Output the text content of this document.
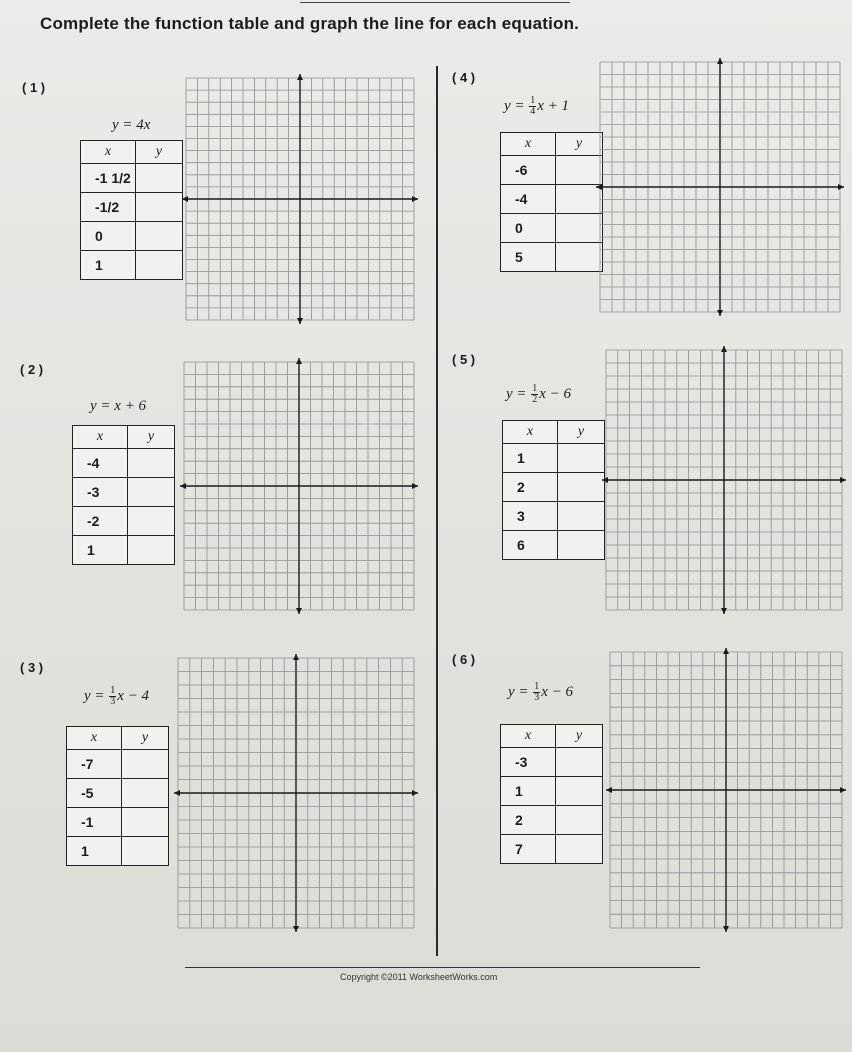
Complete the function table and graph the line for each equation.
( 1 )
y = 4x
x	y
-1 1/2	
-1/2	
0	
1	
( 2 )
y = x + 6
x	y
-4	
-3	
-2	
1	
( 3 )
$y = \frac{1}{3}$ x − 4
x	y
-7	
-5	
-1	
1	
( 4 )
$y = \frac{1}{4}$ x + 1
x	y
-6	
-4	
0	
5	
( 5 )
$y = \frac{1}{2}$ x − 6
x	y
1	
2	
3	
6	
( 6 )
$y = \frac{1}{3}$ x − 6
x	y
-3	
1	
2	
7	
Copyright ©2011 WorksheetWorks.com
